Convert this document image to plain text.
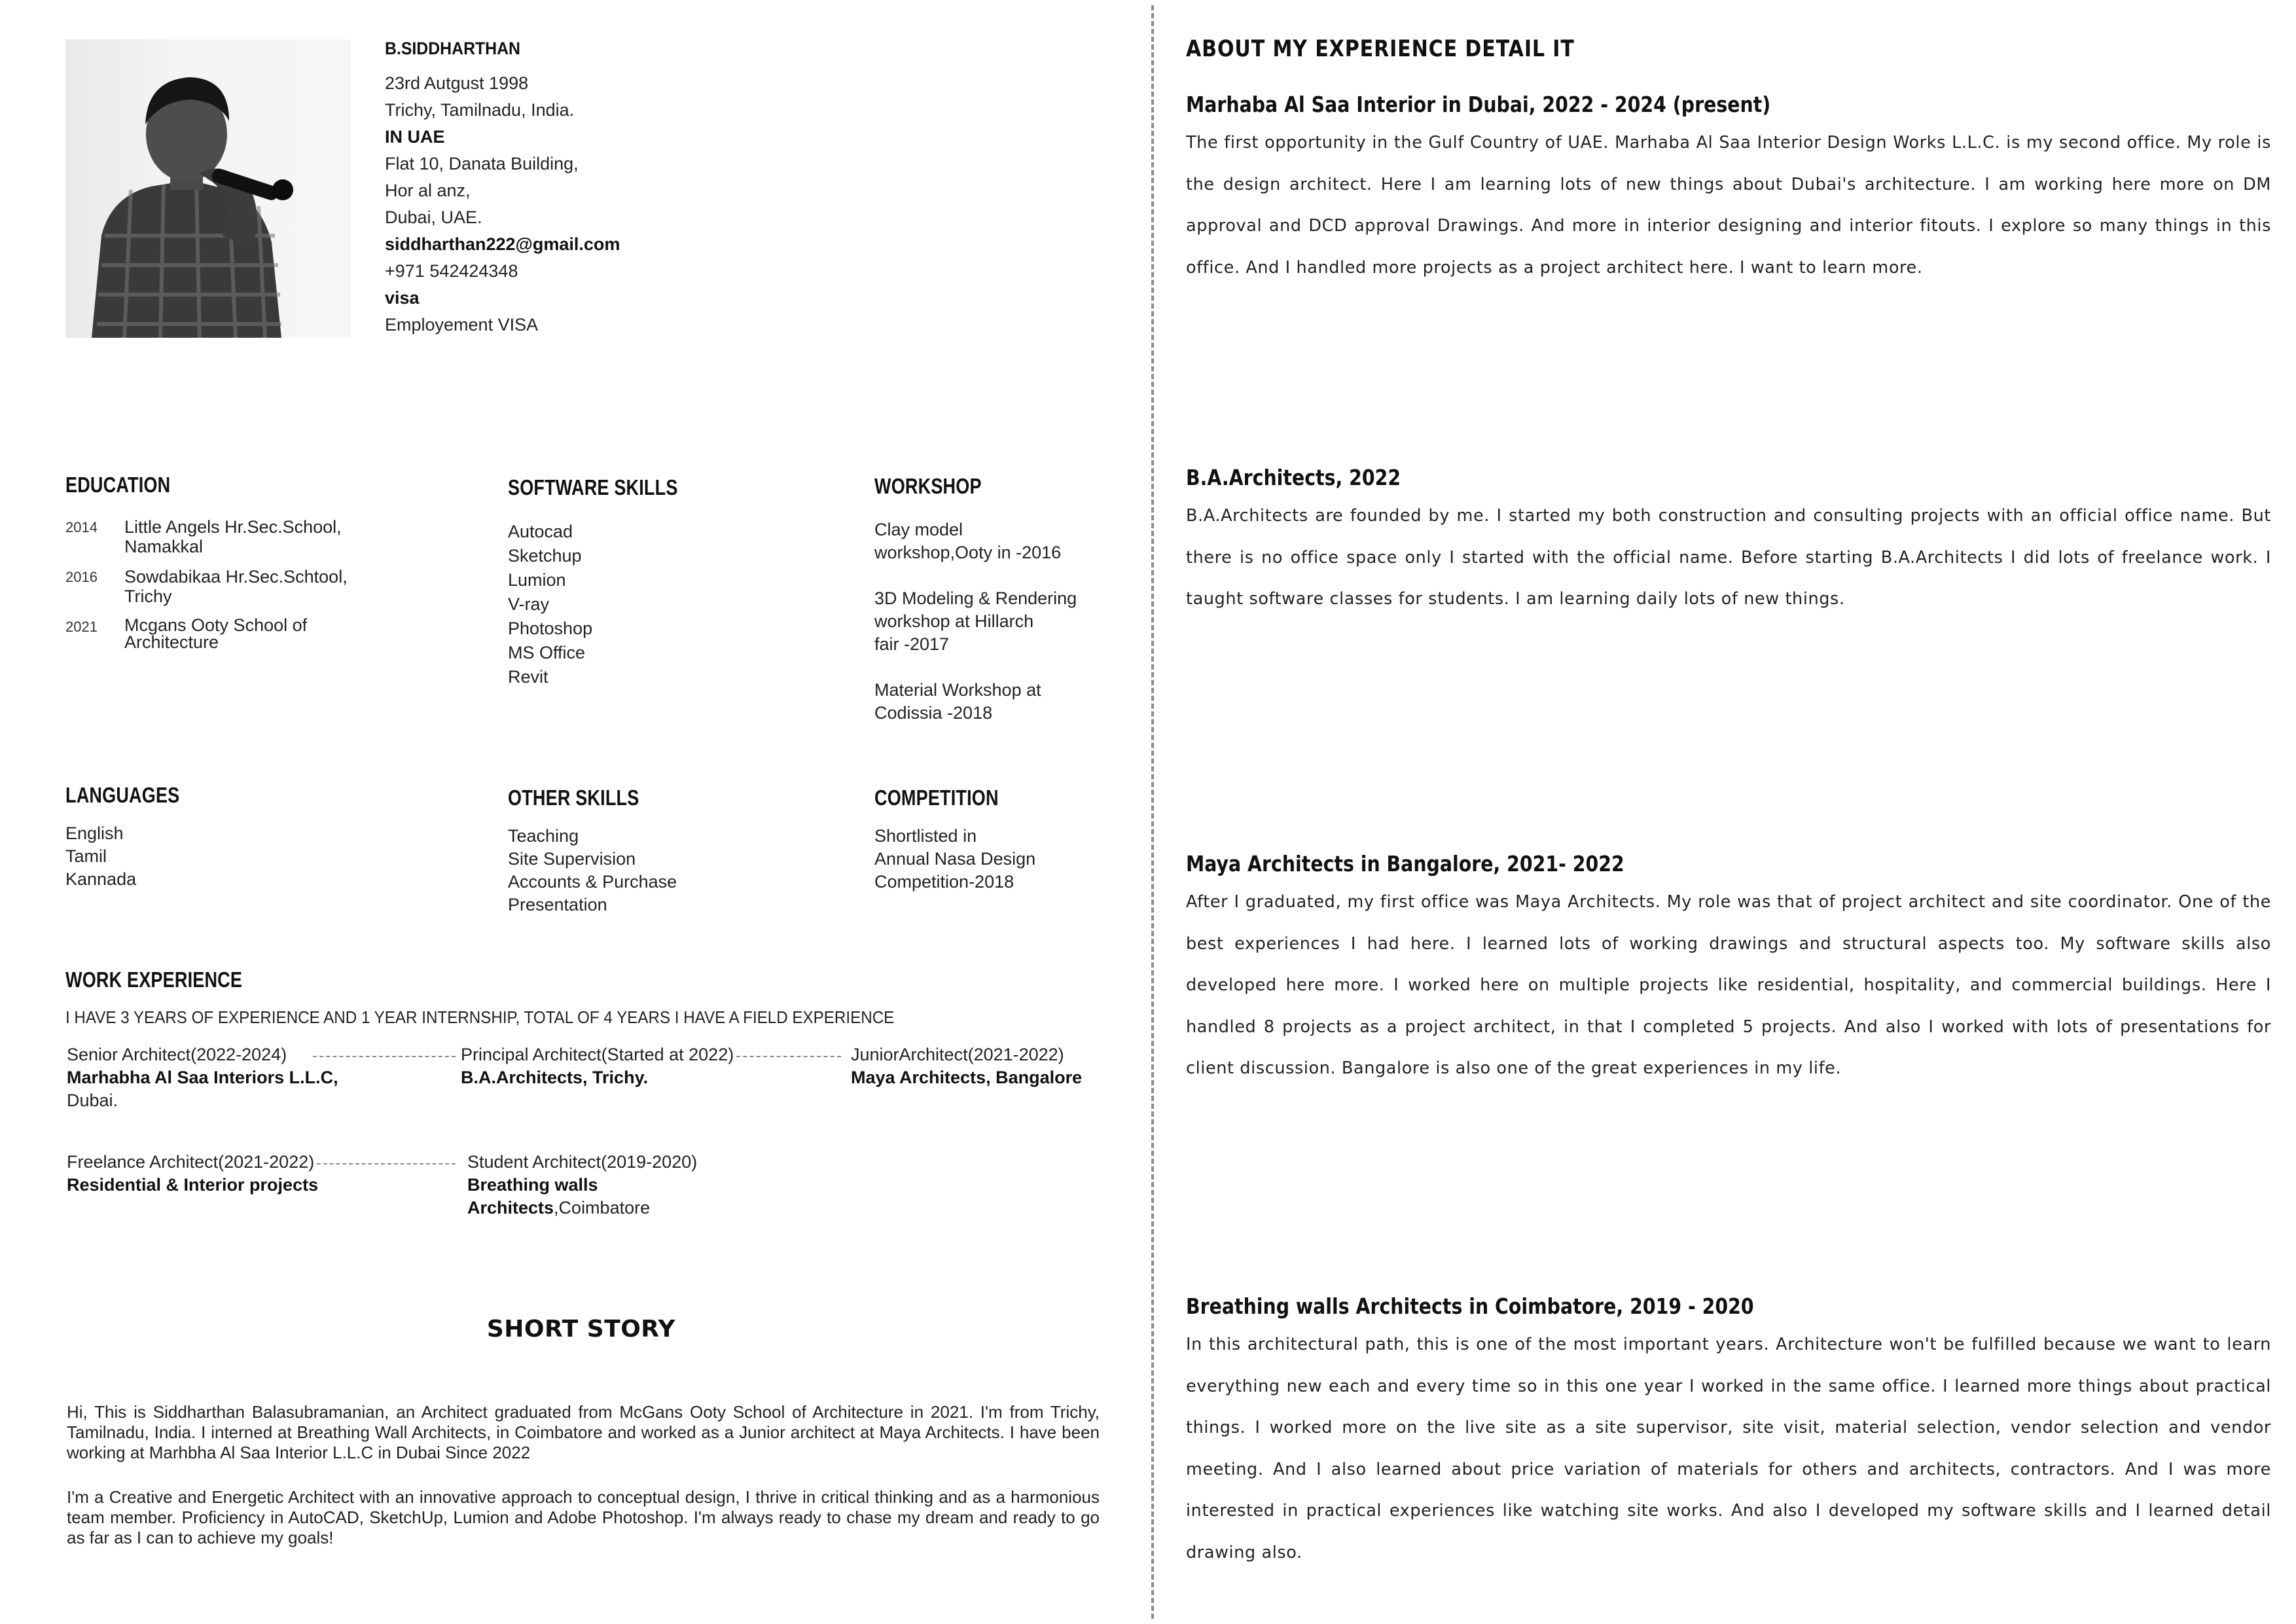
B.SIDDHARTHAN
23rd Autgust 1998
Trichy, Tamilnadu, India.
IN UAE
Flat 10, Danata Building,
Hor al anz,
Dubai, UAE.
siddharthan222@gmail.com
+971 542424348
visa
Employement VISA
EDUCATION
2014	Little Angels Hr.Sec.School,
Namakkal
2016	Sowdabikaa Hr.Sec.Schtool,
Trichy
2021	Mcgans Ooty School of
Architecture
SOFTWARE SKILLS
Autocad
Sketchup
Lumion
V-ray
Photoshop
MS Office
Revit
WORKSHOP
Clay model
workshop,Ooty in -2016
3D Modeling & Rendering
workshop at Hillarch
fair -2017
Material Workshop at
Codissia -2018
LANGUAGES
English
Tamil
Kannada
OTHER SKILLS
Teaching
Site Supervision
Accounts & Purchase
Presentation
COMPETITION
Shortlisted in
Annual Nasa Design
Competition-2018
WORK EXPERIENCE
I HAVE 3 YEARS OF EXPERIENCE AND 1 YEAR INTERNSHIP, TOTAL OF 4 YEARS I HAVE A FIELD EXPERIENCE
Senior Architect(2022-2024)
Marhabha Al Saa Interiors L.L.C,
Dubai.
Principal Architect(Started at 2022)
B.A.Architects, Trichy.
JuniorArchitect(2021-2022)
Maya Architects, Bangalore
Freelance Architect(2021-2022)
Residential & Interior projects
Student Architect(2019-2020)
Breathing walls
Architects,Coimbatore
SHORT STORY

Hi, This is Siddharthan Balasubramanian, an Architect graduated from McGans Ooty School of Architecture in 2021. I'm from Trichy, Tamilnadu, India. I interned at Breathing Wall Architects, in Coimbatore and worked as a Junior architect at Maya Architects. I have been working at Marhbha Al Saa Interior L.L.C in Dubai Since 2022

I'm a Creative and Energetic Architect with an innovative approach to conceptual design, I thrive in critical thinking and as a harmonious team member. Proficiency in AutoCAD, SketchUp, Lumion and Adobe Photoshop. I'm always ready to chase my dream and ready to go as far as I can to achieve my goals!

ABOUT MY EXPERIENCE DETAIL IT
Marhaba Al Saa Interior in Dubai, 2022 - 2024 (present)
The first opportunity in the Gulf Country of UAE. Marhaba Al Saa Interior Design Works L.L.C. is my second office. My role is the design architect. Here I am learning lots of new things about Dubai's architecture. I am working here more on DM approval and DCD approval Drawings. And more in interior designing and interior fitouts. I explore so many things in this office. And I handled more projects as a project architect here. I want to learn more.
B.A.Architects, 2022
B.A.Architects are founded by me. I started my both construction and consulting projects with an official office name. But there is no office space only I started with the official name. Before starting B.A.Architects I did lots of freelance work. I taught software classes for students. I am learning daily lots of new things.
Maya Architects in Bangalore, 2021- 2022
After I graduated, my first office was Maya Architects. My role was that of project architect and site coordinator. One of the best experiences I had here. I learned lots of working drawings and structural aspects too. My software skills also developed here more. I worked here on multiple projects like residential, hospitality, and commercial buildings. Here I handled 8 projects as a project architect, in that I completed 5 projects. And also I worked with lots of presentations for client discussion. Bangalore is also one of the great experiences in my life.
Breathing walls Architects in Coimbatore, 2019 - 2020
In this architectural path, this is one of the most important years. Architecture won't be fulfilled because we want to learn everything new each and every time so in this one year I worked in the same office. I learned more things about practical things. I worked more on the live site as a site supervisor, site visit, material selection, vendor selection and vendor meeting. And I also learned about price variation of materials for others and architects, contractors. And I was more interested in practical experiences like watching site works. And also I developed my software skills and I learned detail drawing also.
